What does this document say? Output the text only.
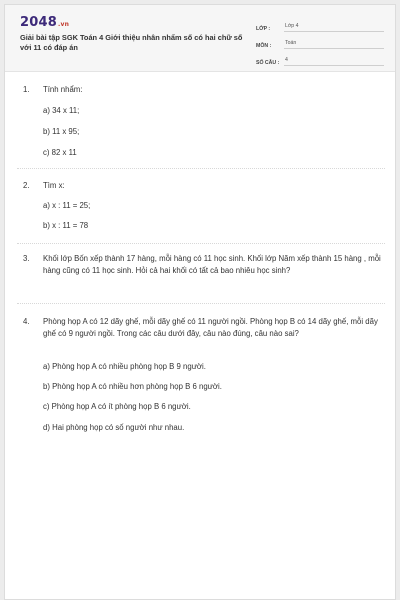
2048.vn
Giải bài tập SGK Toán 4 Giới thiệu nhân nhẩm số có hai chữ số với 11 có đáp án
LỚP :	Lớp 4
MÔN :	Toán
SỐ CÂU :	4
1.	Tính nhẩm:
a) 34 x 11;
b) 11 x 95;
c) 82 x 11
2.	Tìm x:
a) x : 11 = 25;
b) x : 11 = 78
3.	Khối lớp Bốn xếp thành 17 hàng, mỗi hàng có 11 học sinh. Khối lớp Năm xếp thành 15 hàng , mỗi hàng cũng có 11 học sinh. Hỏi cả hai khối có tất cả bao nhiêu học sinh?
4.	Phòng họp A có 12 dãy ghế, mỗi dãy ghế có 11 người ngồi. Phòng họp B có 14 dãy ghế, mỗi dãy ghế có 9 người ngồi. Trong các câu dưới đây, câu nào đúng, câu nào sai?
a) Phòng họp A có nhiều phòng họp B 9 người.
b) Phòng họp A có nhiều hơn phòng họp B 6 người.
c) Phòng họp A có ít phòng họp B 6 người.
d) Hai phòng họp có số người như nhau.
